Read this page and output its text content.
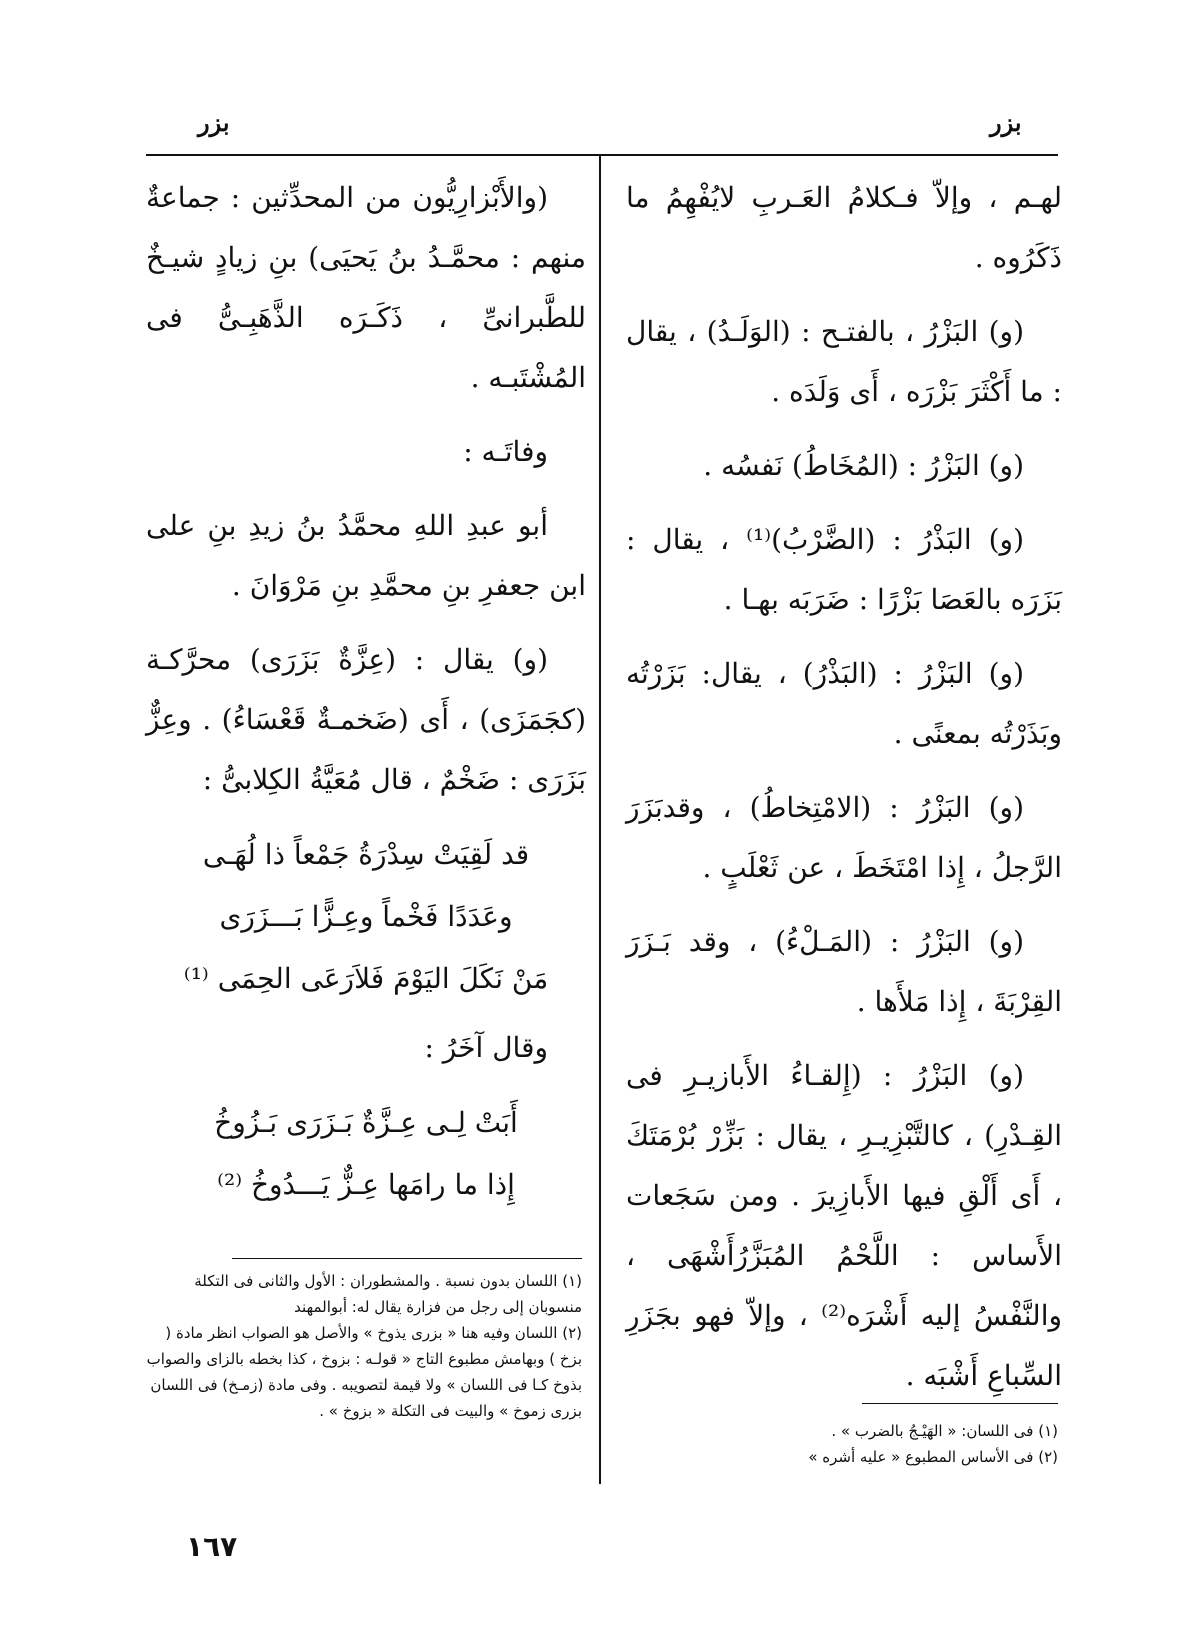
بزر
بزر

لهـم ، وإلاّ فـكلامُ العَـربِ لايُفْهِمُ ما ذَكَرُوه .

(و) البَزْرُ ، بالفتـح : (الوَلَـدُ) ، يقال : ما أَكْثَرَ بَزْرَه ، أَى وَلَدَه .

(و) البَزْرُ : (المُخَاطُ) نَفسُه .

(و) البَذْرُ : (الضَّرْبُ)⁽¹⁾ ، يقال : بَزَرَه بالعَصَا بَزْرًا : ضَرَبَه بهـا .

(و) البَزْرُ : (البَذْرُ) ، يقال: بَزَرْتُه وبَذَرْتُه بمعنًى .

(و) البَزْرُ : (الامْتِخاطُ) ، وقدبَزَرَ الرَّجلُ ، إِذا امْتَخَطَ ، عن ثَعْلَبٍ .

(و) البَزْرُ : (المَـلْءُ) ، وقد بَـزَرَ القِرْبَةَ ، إِذا مَلأَها .

(و) البَزْرُ : (إِلقـاءُ الأَبازيـرِ فى القِـدْرِ) ، كالتَّبْزِيـرِ ، يقال : بَزِّرْ بُرْمَتَكَ ، أَى أَلْقِ فيها الأَبازِيرَ . ومن سَجَعات الأَساس : اللَّحْمُ المُبَزَّرُأَشْهَى ، والنَّفْسُ إليه أَشْرَه⁽²⁾ ، وإلاّ فهو بجَزَرِ السِّباعِ أَشْبَه .

(والأَبْزارِيُّون من المحدِّثين : جماعةٌ منهم : محمَّـدُ بنُ يَحيَى) بنِ زيادٍ شيـخٌ للطَّبرانىِّ ، ذَكَـرَه الذَّهَبِـىُّ فى المُشْتَبـه .

وفاتَـه :

أبو عبدِ اللهِ محمَّدُ بنُ زيدِ بنِ على ابن جعفرِ بنِ محمَّدِ بنِ مَرْوَانَ .

(و) يقال : (عِزَّةٌ بَزَرَى) محرَّكـة (كجَمَزَى) ، أَى (ضَخمـةٌ قَعْسَاءُ) . وعِزٌّ بَزَرَى : ضَخْمٌ ، قال مُعَيَّةُ الكِلابىُّ :

قد لَقِيَتْ سِدْرَةُ جَمْعاً ذا لُهَـى
وعَدَدًا فَخْماً وعِـزًّا بَـــزَرَى
مَنْ نَكَلَ اليَوْمَ فَلاَرَعَى الحِمَى ⁽¹⁾

وقال آخَرُ :

أَبَتْ لِـى عِـزَّةٌ بَـزَرَى بَـزُوخُ
إِذا ما رامَها عِـزٌّ يَـــدُوخُ ⁽²⁾
(١) اللسان بدون نسبة . والمشطوران : الأول والثانى فى التكلة منسوبان إلى رجل من فزارة يقال له: أبوالمهند
(٢) اللسان وفيه هنا « بزرى يذوخ » والأصل هو الصواب انظر مادة ( بزخ ) وبهامش مطبوع التاج « قولـه : بزوخ ، كذا بخطه بالزاى والصواب بذوخ كـا فى اللسان » ولا قيمة لتصويبه . وفى مادة (زمـخ) فى اللسان بزرى زموخ » والبيت فى التكلة « بزوخ » .
(١) فى اللسان: « الهَيْـجُ بالضرب » .
(٢) فى الأساس المطبوع « عليه أشره »
١٦٧
